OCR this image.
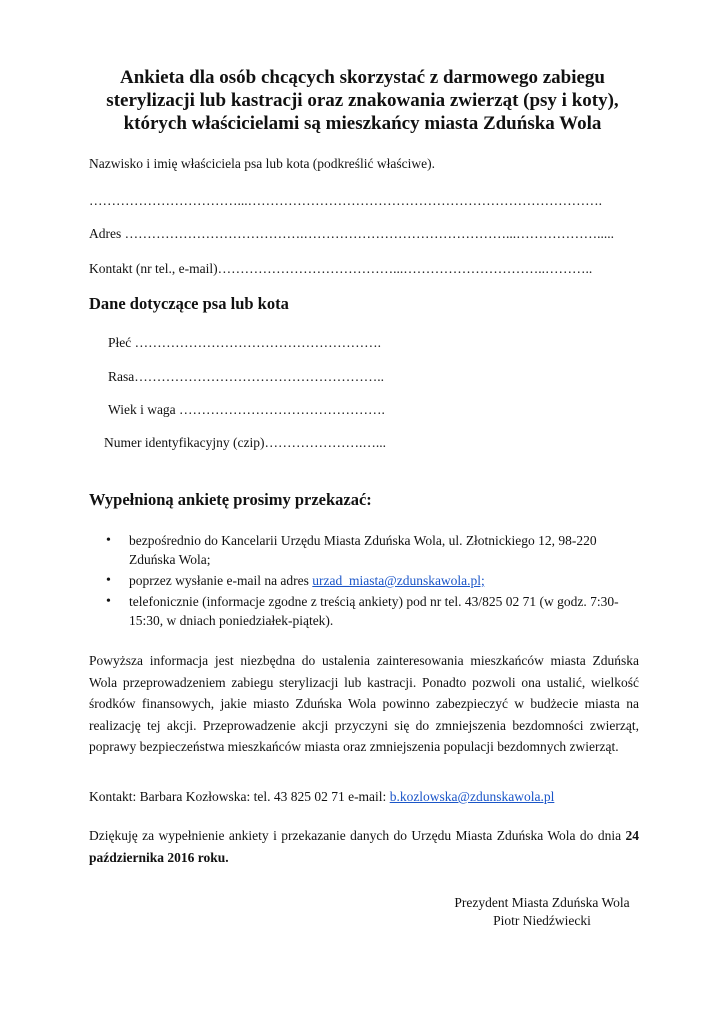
Ankieta dla osób chcących skorzystać z darmowego zabiegu
sterylizacji lub kastracji oraz znakowania zwierząt (psy i koty),
których właścicielami są mieszkańcy miasta Zduńska Wola

Nazwisko i imię właściciela psa lub kota (podkreślić właściwe).

……………………………...…………………………………………………………………….

Adres ………………………………….………………………………………...……………….....

Kontakt (nr tel., e-mail)…………………………………...…………………………..………..

Dane dotyczące psa lub kota

Płeć ……………………………………………….

Rasa………………………………………………..

Wiek i waga ……………………………………….

Numer identyfikacyjny (czip)………………….…...

Wypełnioną ankietę prosimy przekazać:
• bezpośrednio do Kancelarii Urzędu Miasta Zduńska Wola, ul. Złotnickiego 12, 98-220 Zduńska Wola;
• poprzez wysłanie e-mail na adres urzad_miasta@zdunskawola.pl;
• telefonicznie (informacje zgodne z treścią ankiety) pod nr tel. 43/825 02 71 (w godz. 7:30-15:30, w dniach poniedziałek-piątek).

Powyższa informacja jest niezbędna do ustalenia zainteresowania mieszkańców miasta Zduńska Wola przeprowadzeniem zabiegu sterylizacji lub kastracji. Ponadto pozwoli ona ustalić, wielkość środków finansowych, jakie miasto Zduńska Wola powinno zabezpieczyć w budżecie miasta na realizację tej akcji. Przeprowadzenie akcji przyczyni się do zmniejszenia bezdomności zwierząt, poprawy bezpieczeństwa mieszkańców miasta oraz zmniejszenia populacji bezdomnych zwierząt.

Kontakt: Barbara Kozłowska: tel. 43 825 02 71 e-mail: b.kozlowska@zdunskawola.pl

Dziękuję za wypełnienie ankiety i przekazanie danych do Urzędu Miasta Zduńska Wola do dnia 24 października 2016 roku.

Prezydent Miasta Zduńska Wola
Piotr Niedźwiecki
